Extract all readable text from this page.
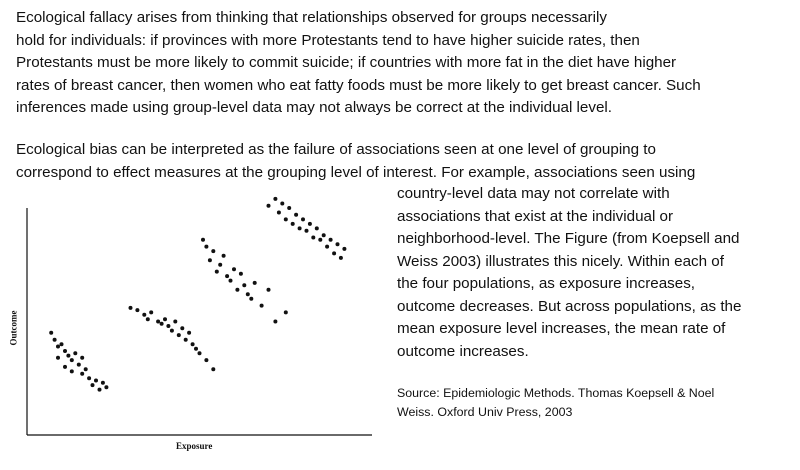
Ecological fallacy arises from thinking that relationships observed for groups necessarily
hold for individuals: if provinces with more Protestants tend to have higher suicide rates, then
Protestants must be more likely to commit suicide; if countries with more fat in the diet have higher
rates of breast cancer, then women who eat fatty foods must be more likely to get breast cancer. Such
inferences made using group-level data may not always be correct at the individual level.

Ecological bias can be interpreted as the failure of associations seen at one level of grouping to
correspond to effect measures at the grouping level of interest. For example, associations seen using

country-level data may not correlate with
associations that exist at the individual or
neighborhood-level. The Figure (from Koepsell and
Weiss 2003) illustrates this nicely. Within each of
the four populations, as exposure increases,
outcome decreases. But across populations, as the
mean exposure level increases, the mean rate of
outcome increases.

Source: Epidemiologic Methods. Thomas Koepsell & Noel
Weiss. Oxford Univ Press, 2003

Exposure
Outcome
